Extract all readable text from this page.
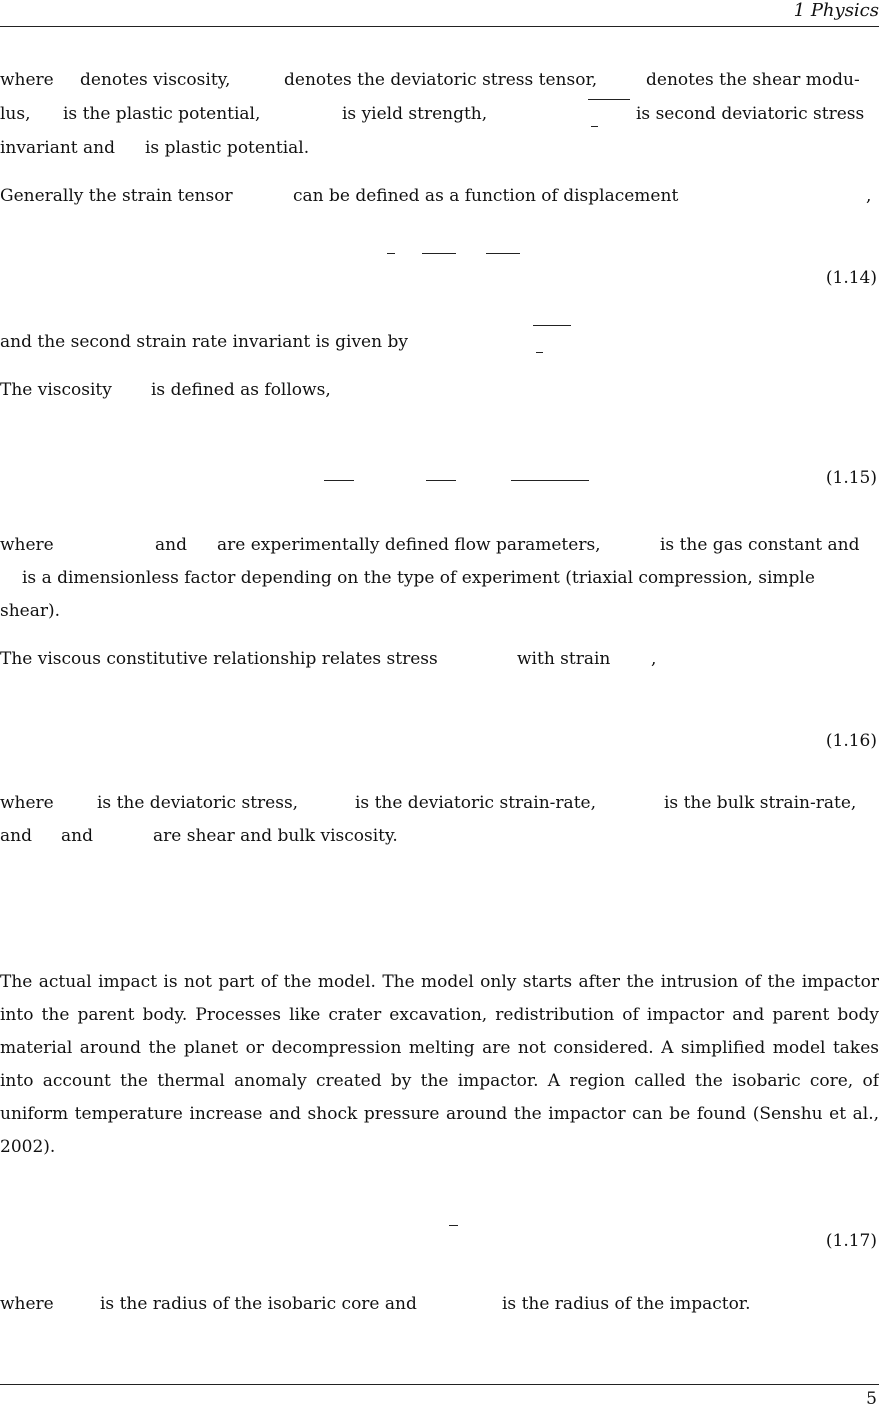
1 Physics
where denotes viscosity,	denotes the deviatoric stress tensor,	denotes the shear modu-
lus, is the plastic potential,	is yield strength,	is second deviatoric stress
invariant and is plastic potential.
Generally the strain tensor	can be defined as a function of displacement	,
(1.14)
and the second strain rate invariant is given by
The viscosity is defined as follows,
(1.15)
where	and are experimentally defined flow parameters,	is the gas constant and
is a dimensionless factor depending on the type of experiment (triaxial compression, simple
shear).
The viscous constitutive relationship relates stress	with strain ,
(1.16)
where	is the deviatoric stress,	is the deviatoric strain-rate,	is the bulk strain-rate,
and and	are shear and bulk viscosity.

The actual impact is not part of the model. The model only starts after the intrusion of the impactor into the parent body. Processes like crater excavation, redistribution of impactor and parent body material around the planet or decompression melting are not considered. A simplified model takes into account the thermal anomaly created by the impactor. A region called the isobaric core, of uniform temperature increase and shock pressure around the impactor can be found (Senshu et al., 2002).

(1.17)
where	is the radius of the isobaric core and	is the radius of the impactor.
5
